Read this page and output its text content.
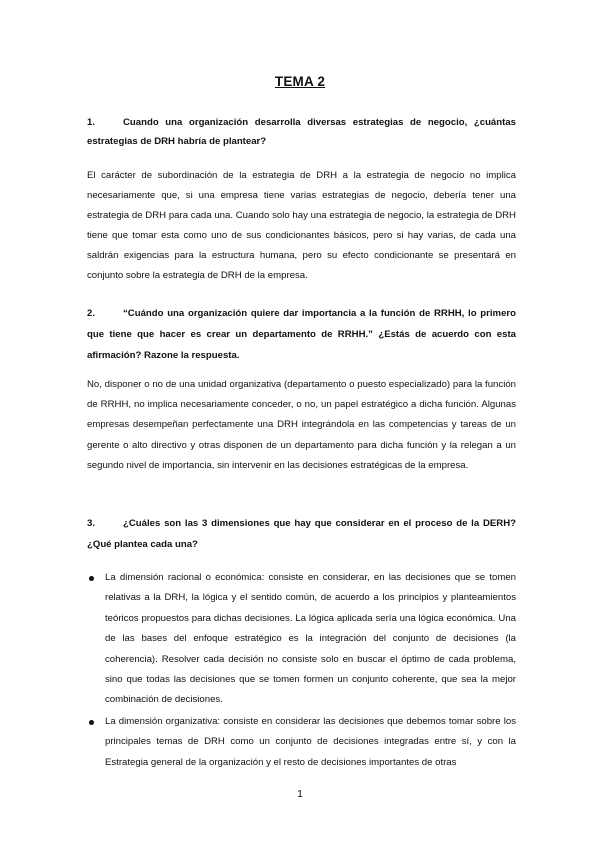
TEMA 2
1.	Cuando una organización desarrolla diversas estrategias de negocio, ¿cuántas estrategias de DRH habría de plantear?
El carácter de subordinación de la estrategia de DRH a la estrategia de negocio no implica necesariamente que, si una empresa tiene varias estrategias de negocio, debería tener una estrategia de DRH para cada una. Cuando solo hay una estrategia de negocio, la estrategia de DRH tiene que tomar esta como uno de sus condicionantes básicos, pero si hay varias, de cada una saldrán exigencias para la estructura humana, pero su efecto condicionante se presentará en conjunto sobre la estrategia de DRH de la empresa.
2.	“Cuándo una organización quiere dar importancia a la función de RRHH, lo primero que tiene que hacer es crear un departamento de RRHH.” ¿Estás de acuerdo con esta afirmación? Razone la respuesta.
No, disponer o no de una unidad organizativa (departamento o puesto especializado) para la función de RRHH, no implica necesariamente conceder, o no, un papel estratégico a dicha función. Algunas empresas desempeñan perfectamente una DRH integrándola en las competencias y tareas de un gerente o alto directivo y otras disponen de un departamento para dicha función y la relegan a un segundo nivel de importancia, sin intervenir en las decisiones estratégicas de la empresa.
3.	¿Cuáles son las 3 dimensiones que hay que considerar en el proceso de la DERH? ¿Qué plantea cada una?
La dimensión racional o económica: consiste en considerar, en las decisiones que se tomen relativas a la DRH, la lógica y el sentido común, de acuerdo a los principios y planteamientos teóricos propuestos para dichas decisiones. La lógica aplicada sería una lógica económica. Una de las bases del enfoque estratégico es la integración del conjunto de decisiones (la coherencia). Resolver cada decisión no consiste solo en buscar el óptimo de cada problema, sino que todas las decisiones que se tomen formen un conjunto coherente, que sea la mejor combinación de decisiones.
La dimensión organizativa: consiste en considerar las decisiones que debemos tomar sobre los principales temas de DRH como un conjunto de decisiones integradas entre sí, y con la Estrategia general de la organización y el resto de decisiones importantes de otras
1
